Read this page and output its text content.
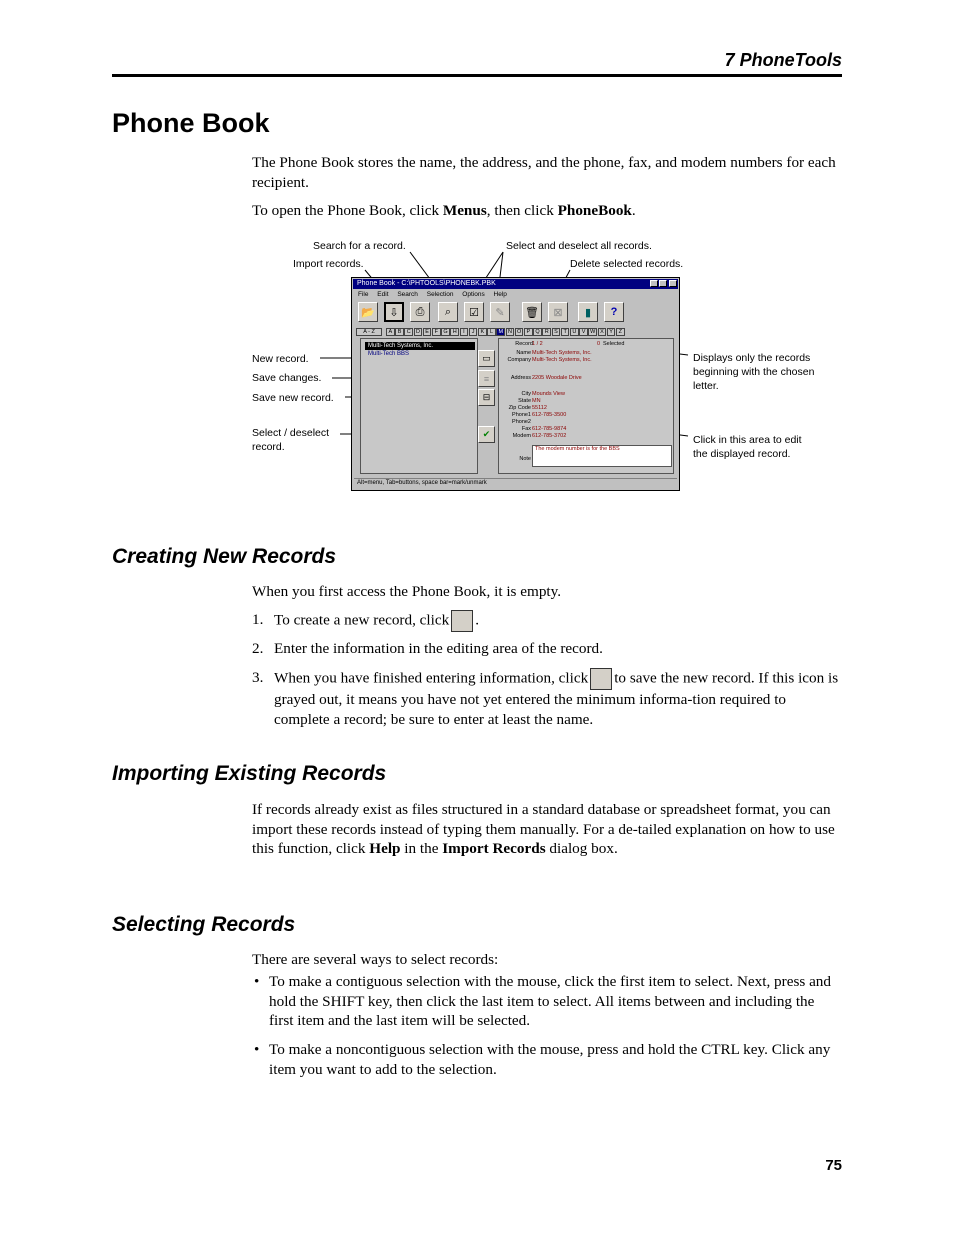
7 PhoneTools
Phone Book

The Phone Book stores the name, the address, and the phone, fax, and modem numbers for each recipient.

To open the Phone Book, click Menus, then click PhoneBook.

Search for a record.
Import records.
Select and deselect all records.
Delete selected records.
New record.
Save changes.
Save new record.
Select / deselect
record.
Displays only the records
beginning with the chosen
letter.
Click in this area to edit
the displayed record.
Phone Book - C:\PHTOOLS\PHONEBK.PBK
File Edit Search Selection Options Help
📂	⇩	⎙	⌕	☑	✎	🗑	⊠	▮	?
A - Z	A	B C D E	F G H	I	J	K	L M N O P Q R S	T	U V W X	Y	Z
Multi-Tech Systems, Inc.
Multi-Tech BBS	▭
≡
⊟
✔
Record 1 / 2	0 Selected
Name Multi-Tech Systems, Inc.
Company Multi-Tech Systems, Inc.
Address 2205 Woodale Drive
City Mounds View
State MN
Zip Code 55112
Phone1 612-785-3500
Phone2
Fax 612-785-9874
Modem 612-785-3702
Note
The modem number is for the BBS
Alt=menu, Tab=buttons, space bar=mark/unmark
Creating New Records

When you first access the Phone Book, it is empty.

1. To create a new record, click .
2. Enter the information in the editing area of the record.
3. When you have finished entering information, click to save the new record. If this icon is grayed out, it means you have not yet entered the minimum informa-tion required to complete a record; be sure to enter at least the name.
Importing Existing Records

If records already exist as files structured in a standard database or spreadsheet format, you can import these records instead of typing them manually. For a de-tailed explanation on how to use this function, click Help in the Import Records dialog box.

Selecting Records

There are several ways to select records:

• To make a contiguous selection with the mouse, click the first item to select. Next, press and hold the SHIFT key, then click the last item to select. All items between and including the first item and the last item will be selected.
• To make a noncontiguous selection with the mouse, press and hold the CTRL key. Click any item you want to add to the selection.
75
